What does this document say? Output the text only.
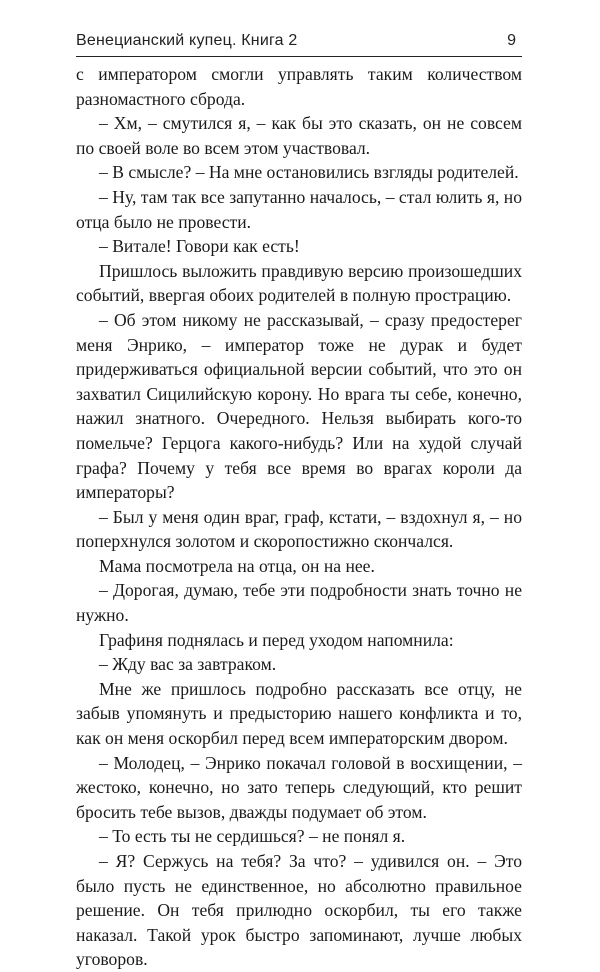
Венецианский купец. Книга 2	9

с императором смогли управлять таким количеством разномастного сброда.

– Хм, – смутился я, – как бы это сказать, он не совсем по своей воле во всем этом участвовал.

– В смысле? – На мне остановились взгляды родителей.

– Ну, там так все запутанно началось, – стал юлить я, но отца было не провести.

– Витале! Говори как есть!

Пришлось выложить правдивую версию произошедших событий, ввергая обоих родителей в полную прострацию.

– Об этом никому не рассказывай, – сразу предостерег меня Энрико, – император тоже не дурак и будет придерживаться официальной версии событий, что это он захватил Сицилийскую корону. Но врага ты себе, конечно, нажил знатного. Очередного. Нельзя выбирать кого-то помельче? Герцога какого-нибудь? Или на худой случай графа? Почему у тебя все время во врагах короли да императоры?

– Был у меня один враг, граф, кстати, – вздохнул я, – но поперхнулся золотом и скоропостижно скончался.

Мама посмотрела на отца, он на нее.

– Дорогая, думаю, тебе эти подробности знать точно не нужно.

Графиня поднялась и перед уходом напомнила:

– Жду вас за завтраком.

Мне же пришлось подробно рассказать все отцу, не забыв упомянуть и предысторию нашего конфликта и то, как он меня оскорбил перед всем императорским двором.

– Молодец, – Энрико покачал головой в восхищении, – жестоко, конечно, но зато теперь следующий, кто решит бросить тебе вызов, дважды подумает об этом.

– То есть ты не сердишься? – не понял я.

– Я? Сержусь на тебя? За что? – удивился он. – Это было пусть не единственное, но абсолютно правильное решение. Он тебя прилюдно оскорбил, ты его также наказал. Такой урок быстро запоминают, лучше любых уговоров.
